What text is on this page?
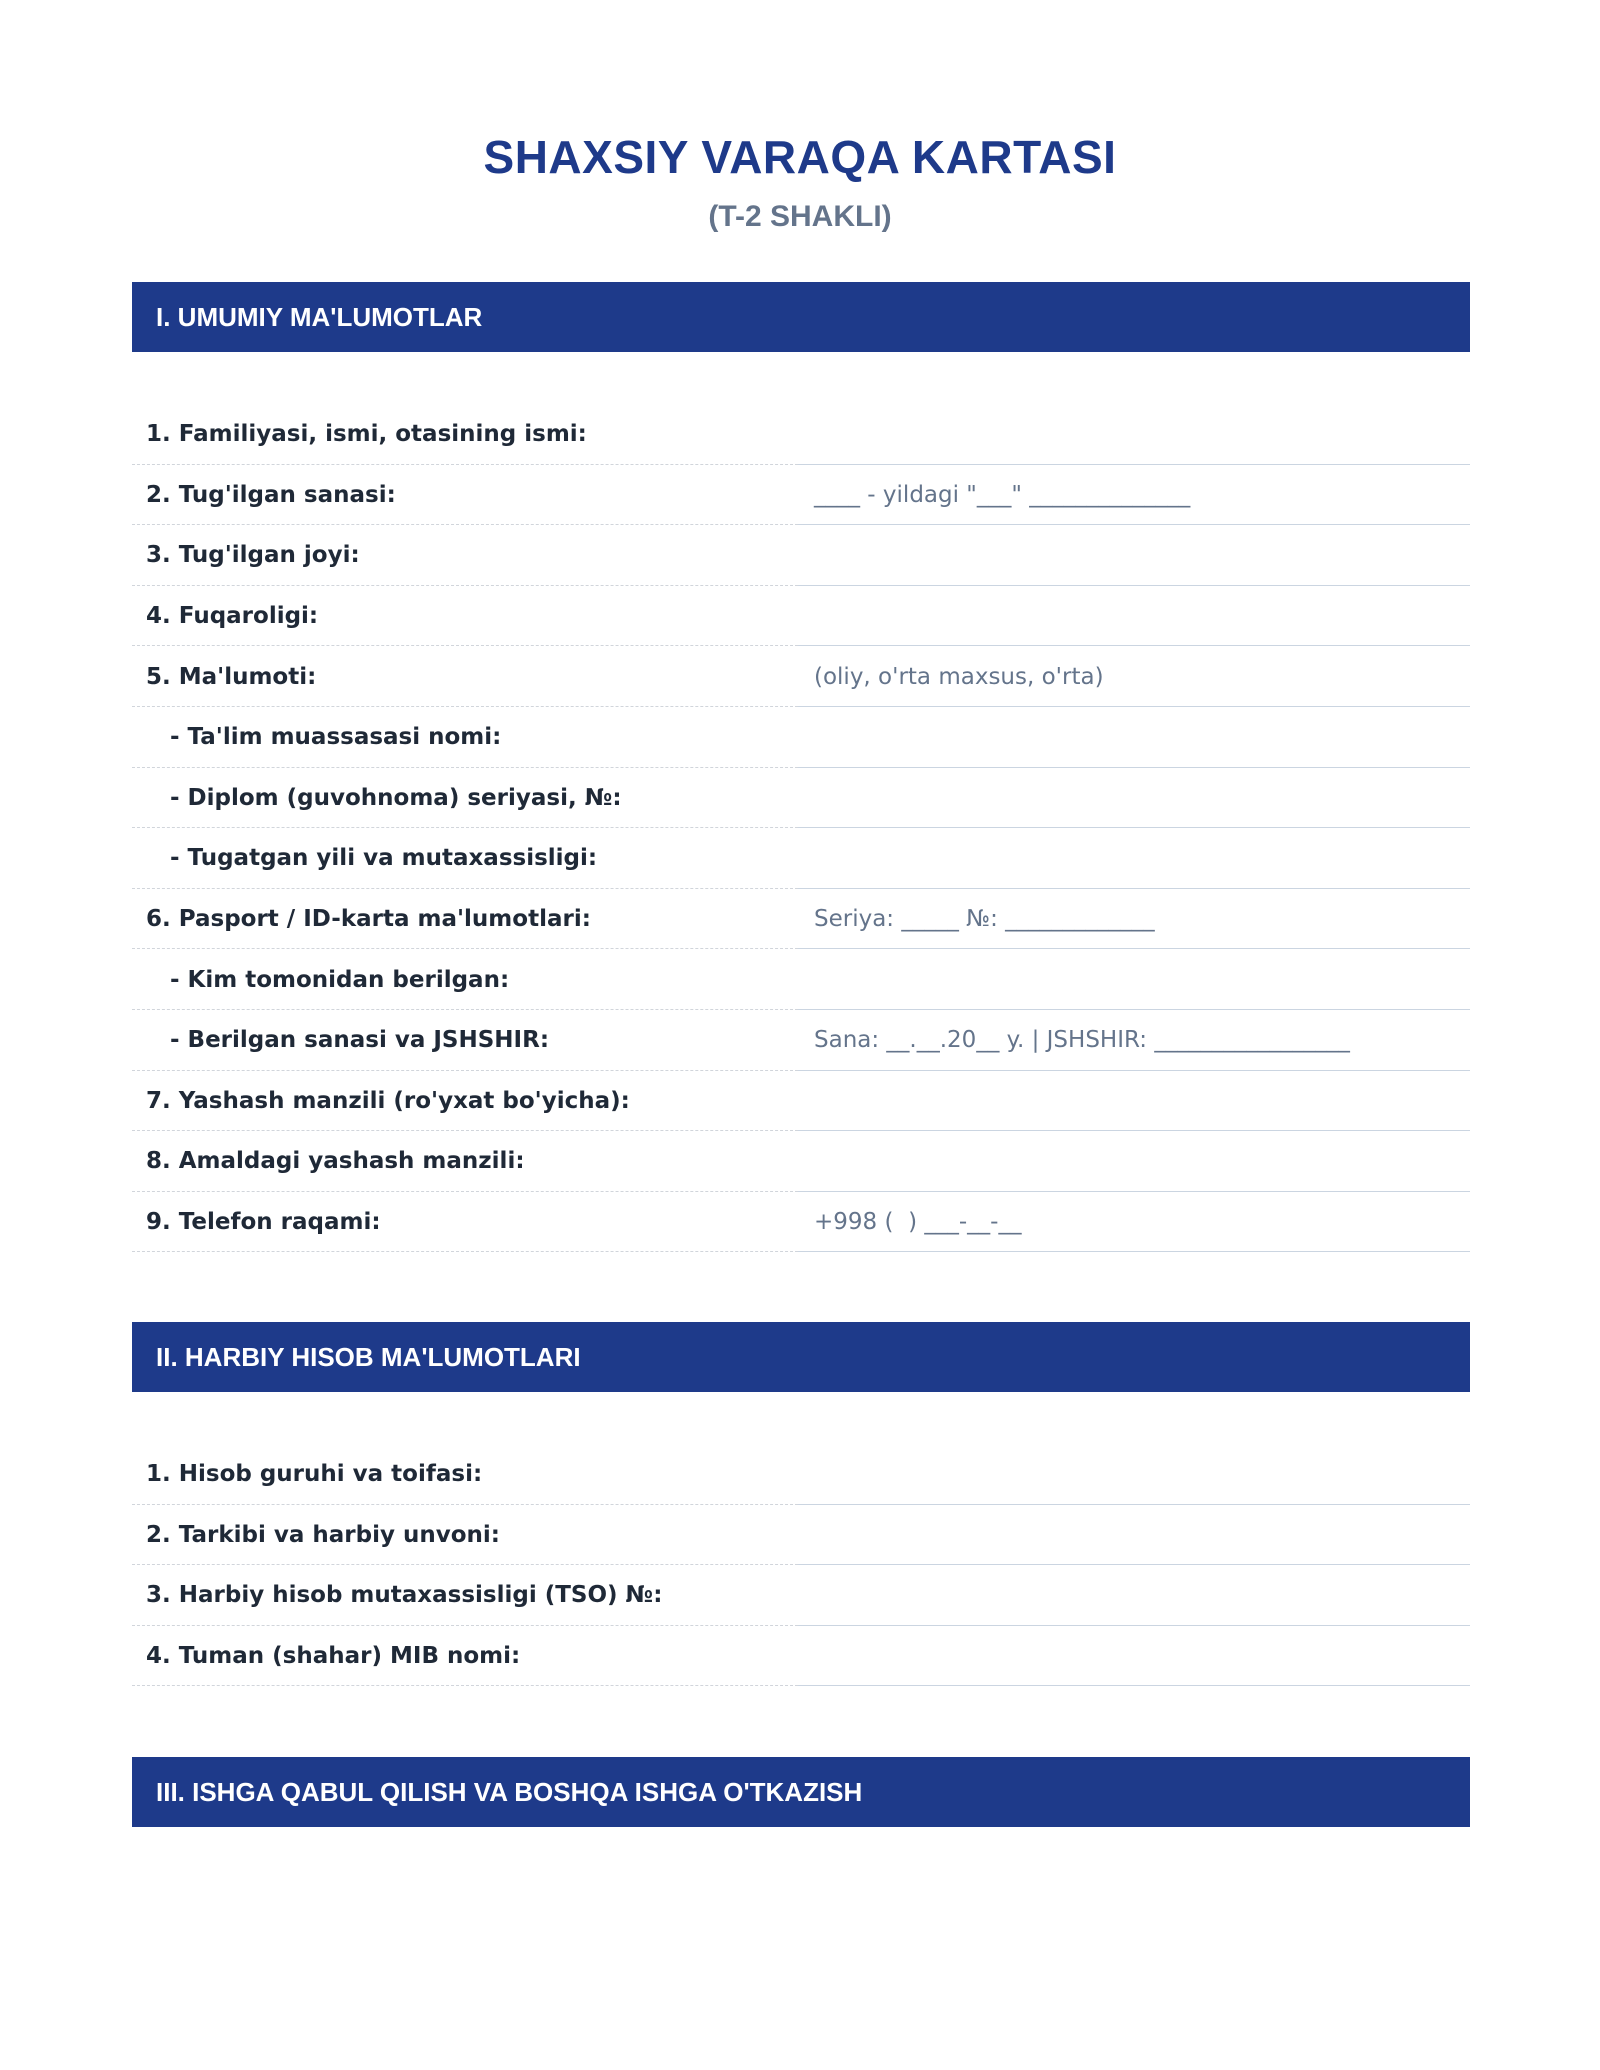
SHAXSIY VARAQA KARTASI
(T-2 SHAKLI)
I. UMUMIY MA'LUMOTLAR
1. Familiyasi, ismi, otasining ismi:
2. Tug'ilgan sanasi:	____ - yildagi "___" ______________
3. Tug'ilgan joyi:
4. Fuqaroligi:
5. Ma'lumoti:	(oliy, o'rta maxsus, o'rta)
- Ta'lim muassasasi nomi:
- Diplom (guvohnoma) seriyasi, №:
- Tugatgan yili va mutaxassisligi:
6. Pasport / ID-karta ma'lumotlari:	Seriya: _____ №: _____________
- Kim tomonidan berilgan:
- Berilgan sanasi va JSHSHIR:	Sana: __.__.20__ y. | JSHSHIR: _________________
7. Yashash manzili (ro'yxat bo'yicha):
8. Amaldagi yashash manzili:
9. Telefon raqami:	+998 (  ) ___-__-__
II. HARBIY HISOB MA'LUMOTLARI
1. Hisob guruhi va toifasi:
2. Tarkibi va harbiy unvoni:
3. Harbiy hisob mutaxassisligi (TSO) №:
4. Tuman (shahar) MIB nomi:
III. ISHGA QABUL QILISH VA BOSHQA ISHGA O'TKAZISH
